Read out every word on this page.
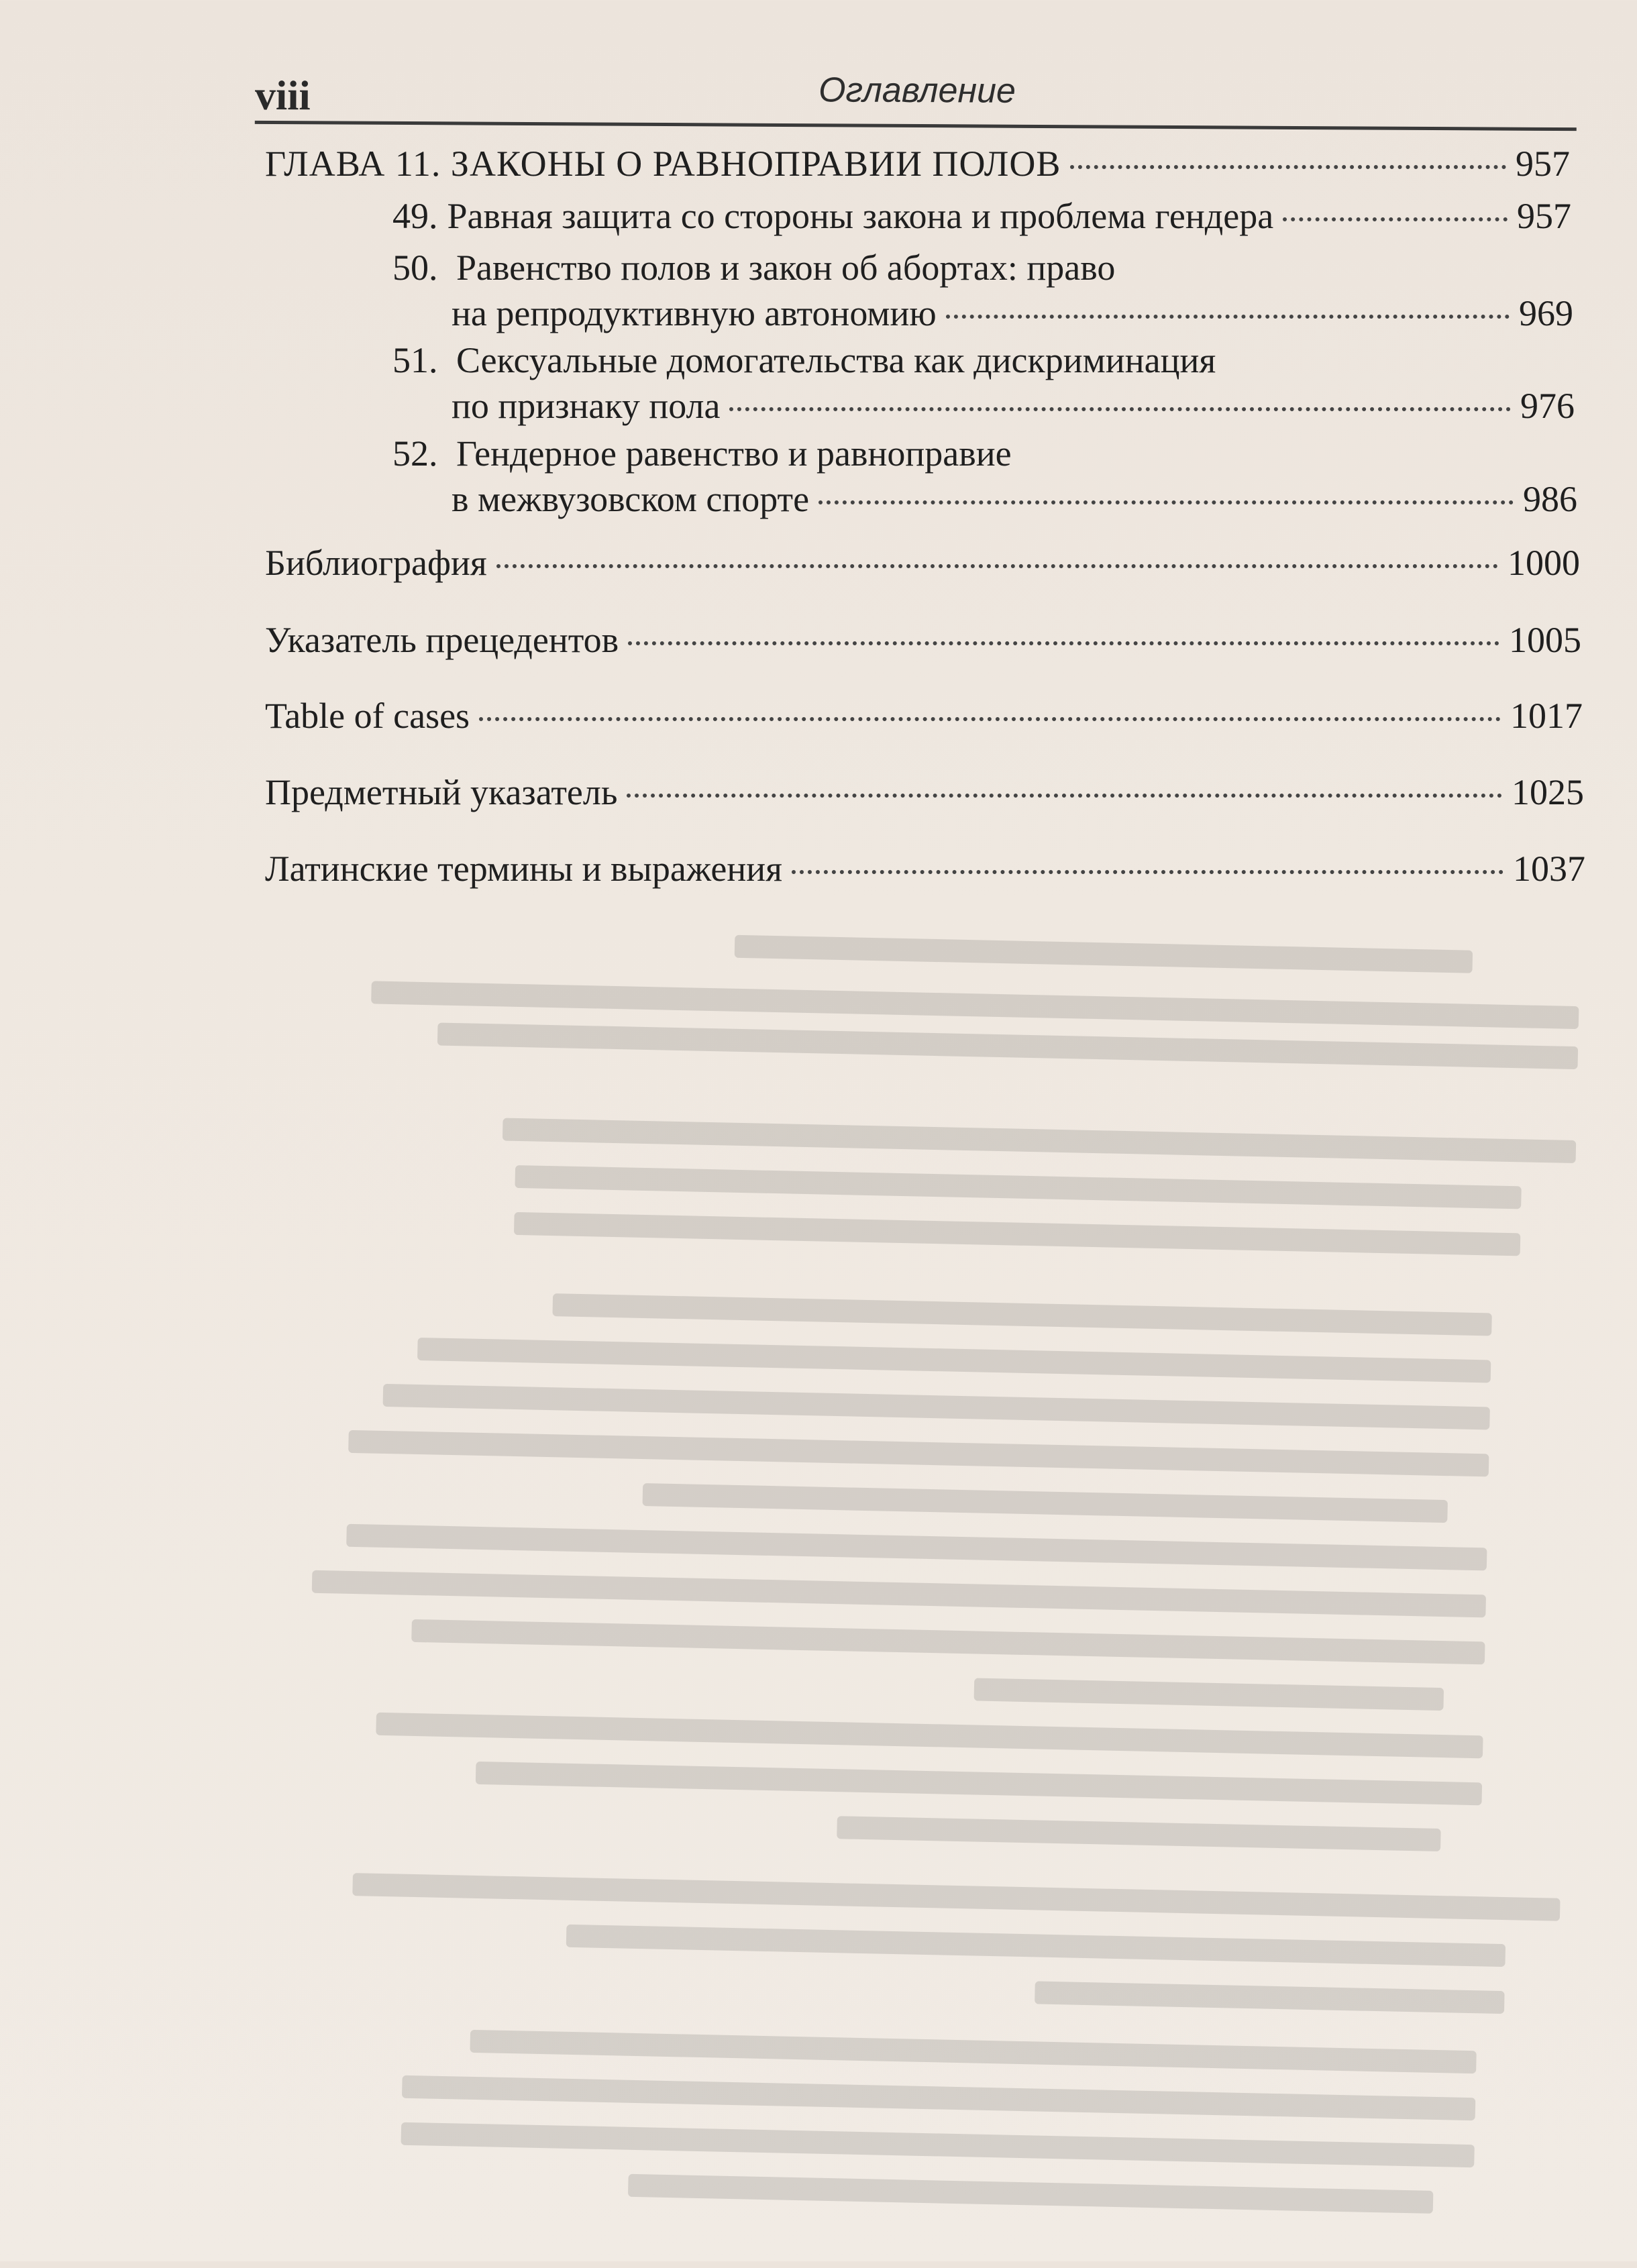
viii	Оглавление
ГЛАВА 11. ЗАКОНЫ О РАВНОПРАВИИ ПОЛОВ	957
49. Равная защита со стороны закона и проблема гендера	957
50. Равенство полов и закон об абортах: право
на репродуктивную автономию	969
51. Сексуальные домогательства как дискриминация
по признаку пола	976
52. Гендерное равенство и равноправие
в межвузовском спорте	986
Библиография	1000
Указатель прецедентов	1005
Table of cases	1017
Предметный указатель	1025
Латинские термины и выражения	1037
